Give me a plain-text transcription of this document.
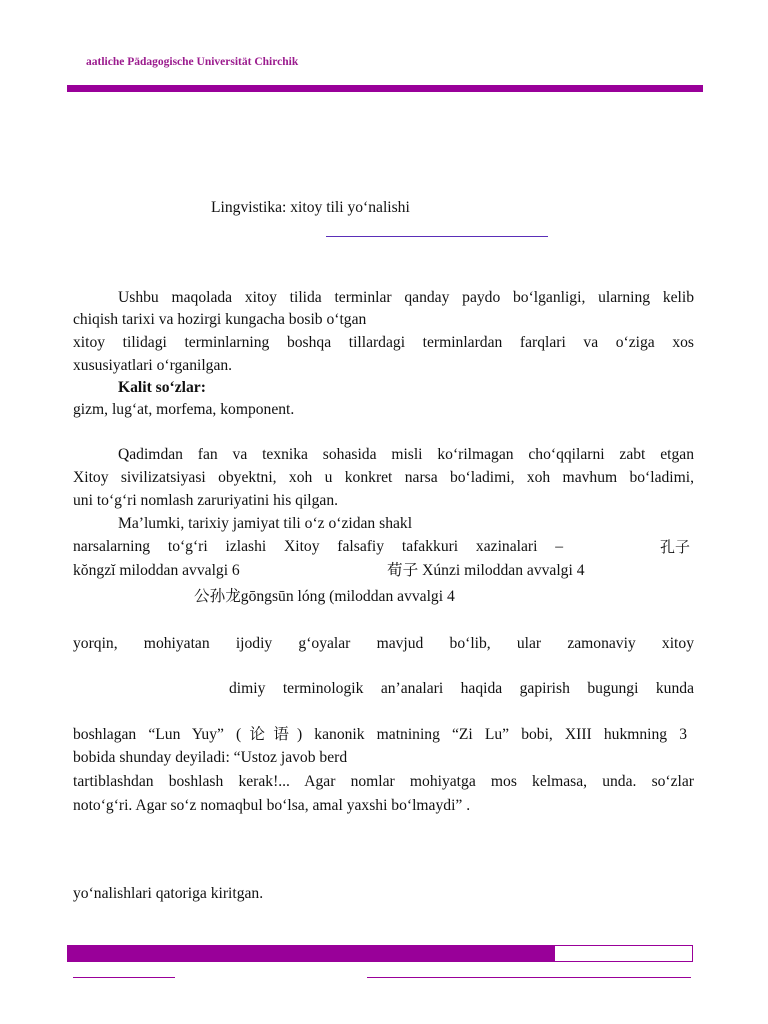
aatliche Pädagogische Universität Chirchik
Lingvistika: xitoy tili yo‘nalishi
Ushbu maqolada xitoy tilida terminlar qanday paydo bo‘lganligi, ularning kelib
chiqish tarixi va hozirgi kungacha bosib o‘tgan
xitoy tilidagi terminlarning boshqa tillardagi terminlardan farqlari va o‘ziga xos
xususiyatlari o‘rganilgan.
Kalit so‘zlar:
gizm, lug‘at, morfema, komponent.
Qadimdan fan va texnika sohasida misli ko‘rilmagan cho‘qqilarni zabt etgan
Xitoy sivilizatsiyasi obyektni, xoh u konkret narsa bo‘ladimi, xoh mavhum bo‘ladimi,
uni to‘g‘ri nomlash zaruriyatini his qilgan.
Ma’lumki, tarixiy jamiyat tili o‘z o‘zidan shakl
narsalarning to‘g‘ri izlashi Xitoy falsafiy tafakkuri xazinalari –	孔子
kŏngzĭ miloddan avvalgi 6	荀子 Xúnzi miloddan avvalgi 4
公孙龙gōngsūn lóng (miloddan avvalgi 4
yorqin, mohiyatan ijodiy g‘oyalar mavjud bo‘lib, ular zamonaviy xitoy
dimiy terminologik an’analari haqida gapirish bugungi kunda
boshlagan “Lun Yuy” (论语) kanonik matnining “Zi Lu” bobi, XIII hukmning 3
bobida shunday deyiladi: “Ustoz javob berd
tartiblashdan boshlash kerak!... Agar nomlar mohiyatga mos kelmasa, unda. so‘zlar
noto‘g‘ri. Agar so‘z nomaqbul bo‘lsa, amal yaxshi bo‘lmaydi” .
yo‘nalishlari qatoriga kiritgan.
